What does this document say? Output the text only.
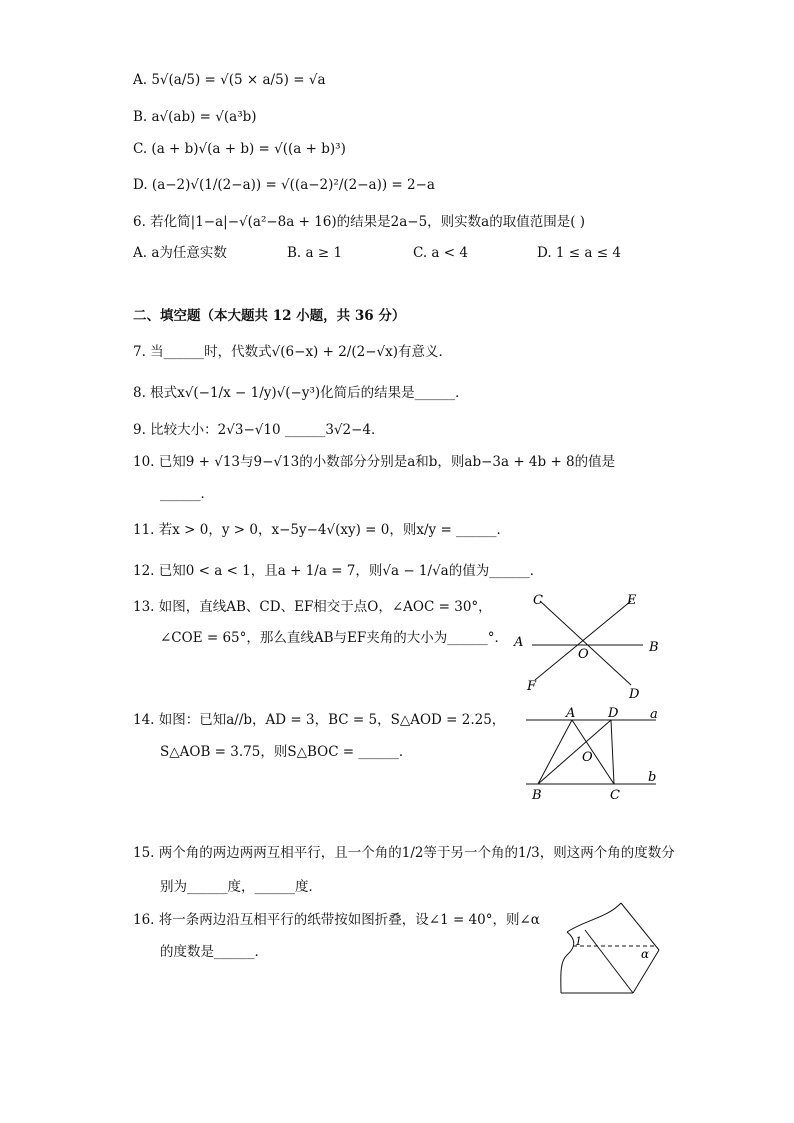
A. 5√(a/5) = √(5 × a/5) = √a
B. a√(ab) = √(a³b)
C. (a + b)√(a + b) = √((a + b)³)
D. (a−2)√(1/(2−a)) = √((a−2)²/(2−a)) = 2−a
6. 若化简|1−a|−√(a²−8a + 16)的结果是2a−5，则实数a的取值范围是( )
A. a为任意实数	B. a ≥ 1	C. a < 4	D. 1 ≤ a ≤ 4
二、填空题（本大题共 12 小题，共 36 分）
7. 当______时，代数式√(6−x) + 2/(2−√x)有意义．
8. 根式x√(−1/x − 1/y)√(−y³)化简后的结果是______．
9. 比较大小：2√3−√10 ______3√2−4．
10. 已知9 + √13与9−√13的小数部分分别是a和b，则ab−3a + 4b + 8的值是
______．
11. 若x > 0，y > 0，x−5y−4√(xy) = 0，则x/y = ______．
12. 已知0 < a < 1，且a + 1/a = 7，则√a − 1/√a的值为______．
13. 如图，直线AB、CD、EF相交于点O，∠AOC = 30°，
∠COE = 65°，那么直线AB与EF夹角的大小为______°．
14. 如图：已知a//b，AD = 3，BC = 5，S△AOD = 2.25，
S△AOB = 3.75，则S△BOC = ______．
15. 两个角的两边两两互相平行，且一个角的1/2等于另一个角的1/3，则这两个角的度数分
别为______度，______度．
16. 将一条两边沿互相平行的纸带按如图折叠，设∠1 = 40°，则∠α
的度数是______．
C	E
A
O	B
F
D
A	D a
O
b
B	C
1
α
